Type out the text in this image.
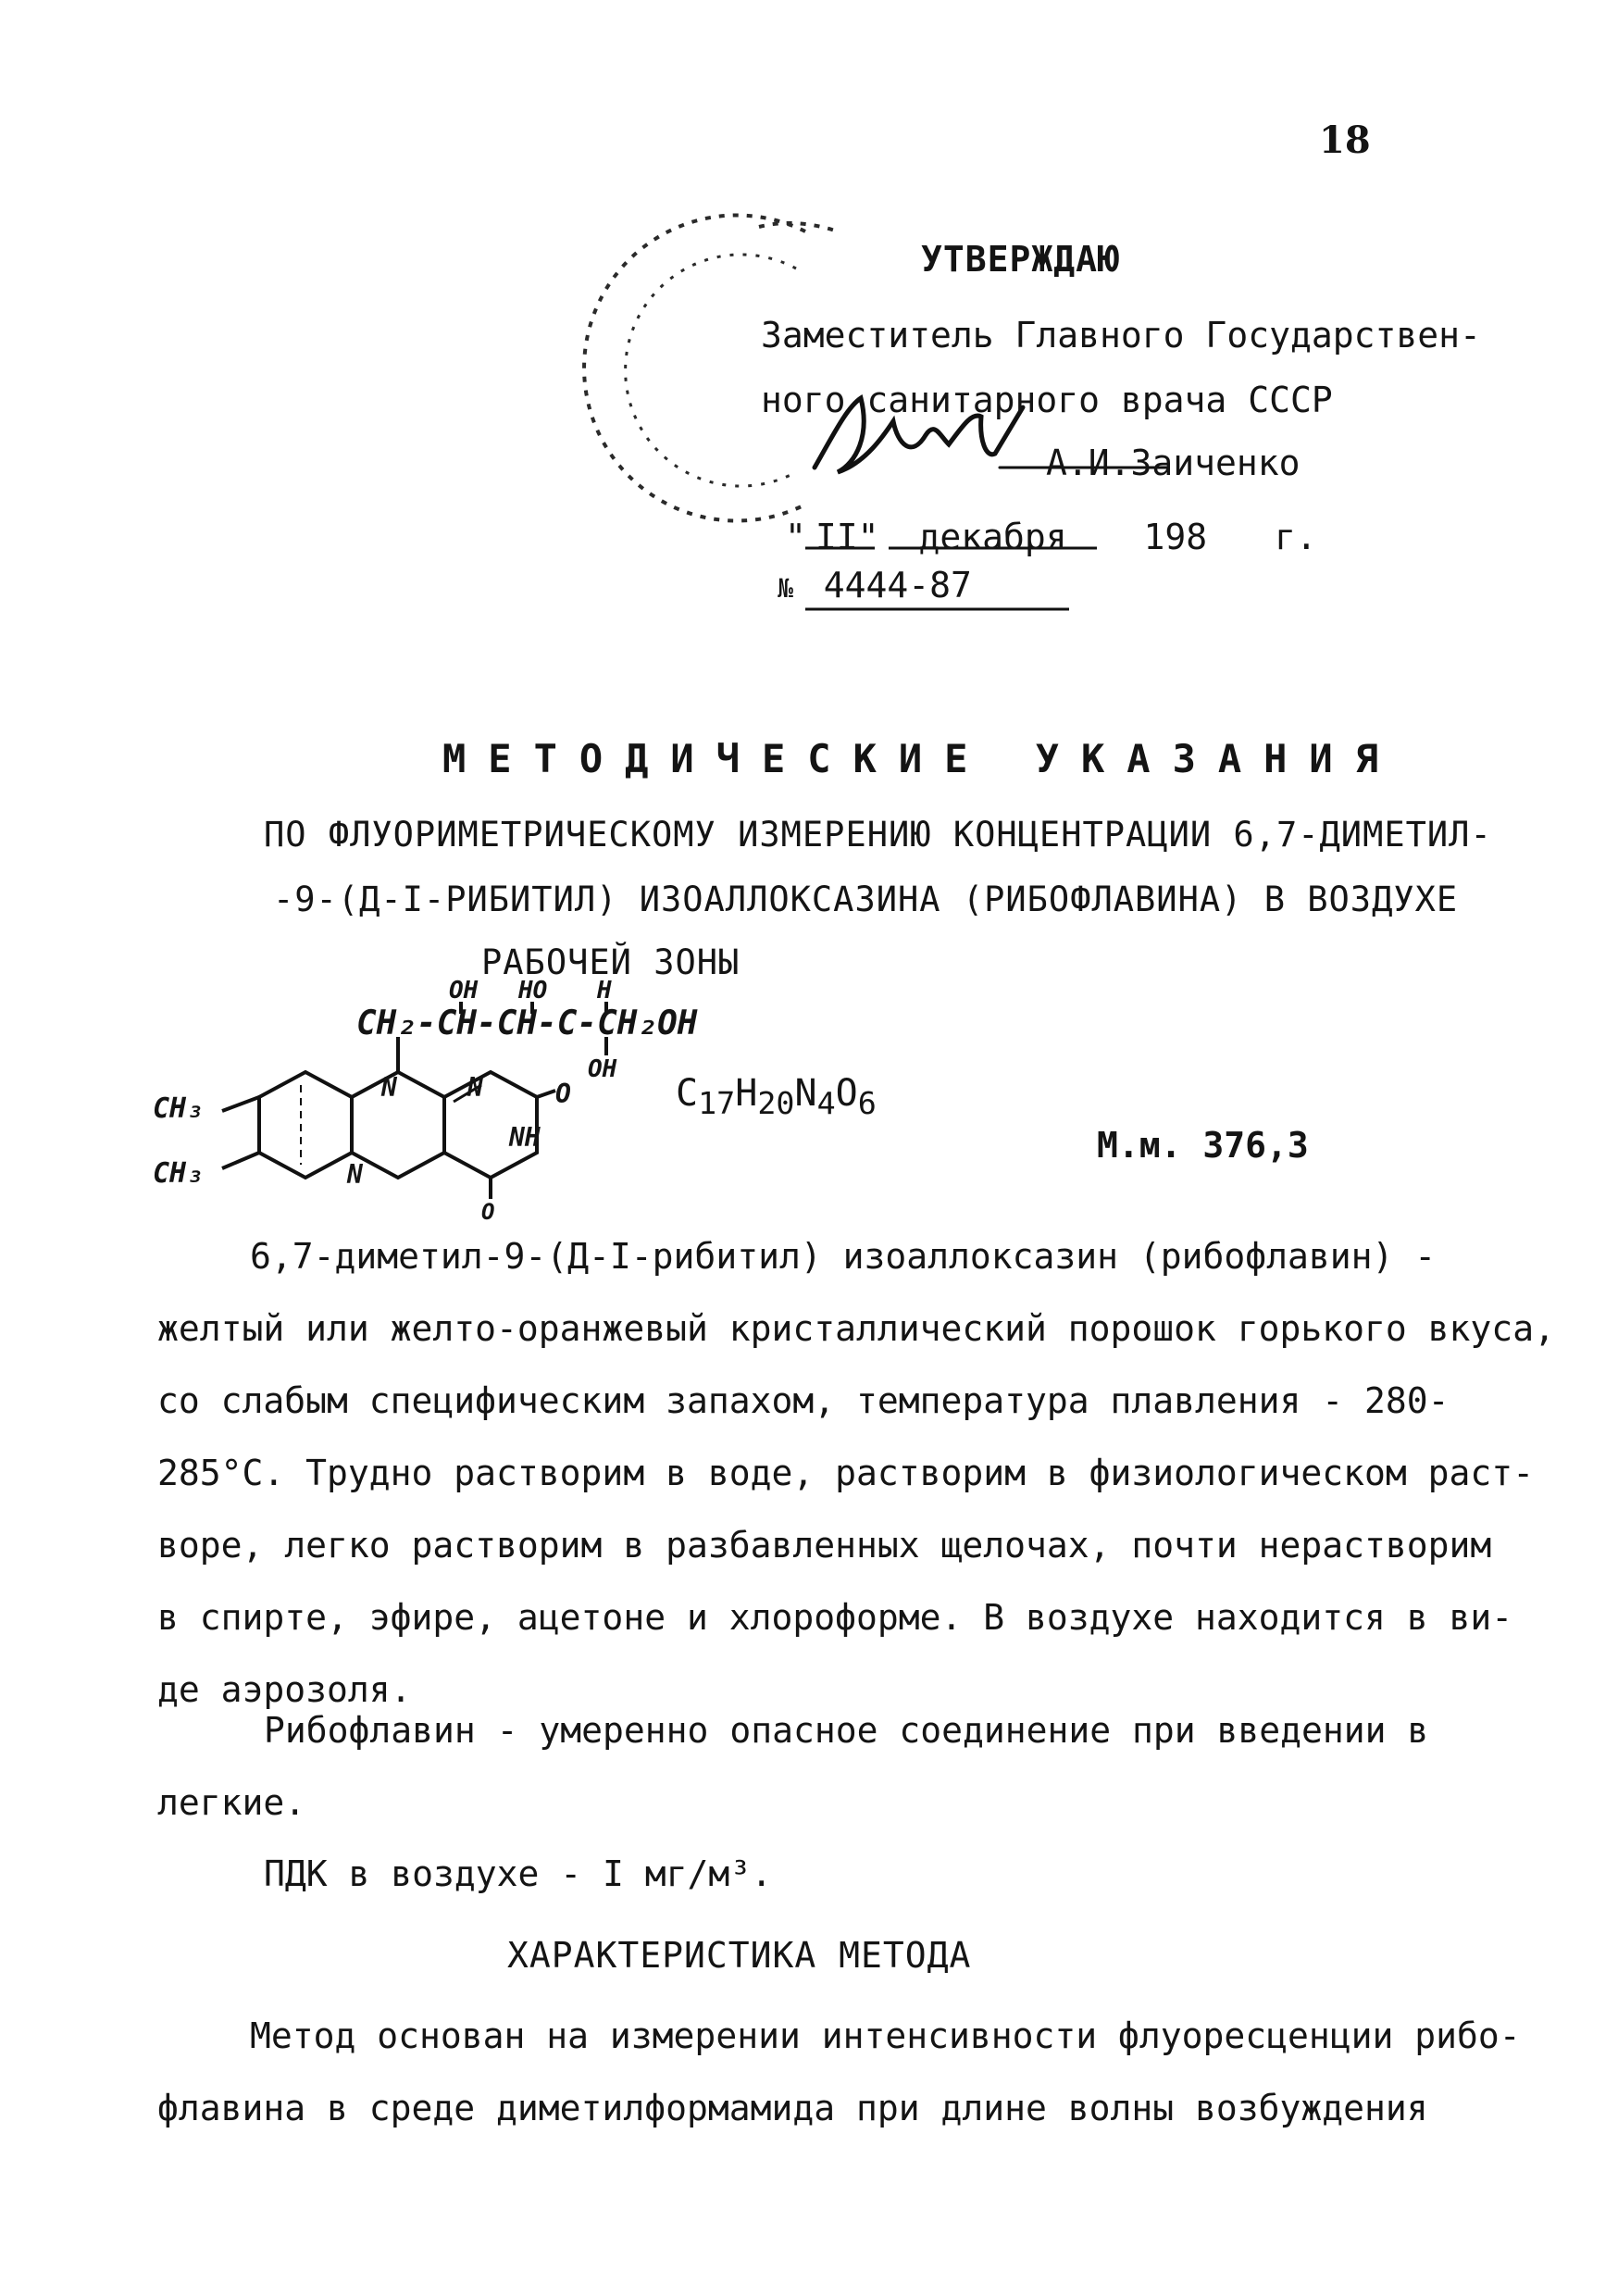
18
УТВЕРЖДАЮ
Заместитель Главного Государствен-
ного санитарного врача СССР
А.И.Заиченко
" II" декабря 198 г.
№ 4444-87
МЕТОДИЧЕСКИЕ УКАЗАНИЯ
ПО ФЛУОРИМЕТРИЧЕСКОМУ ИЗМЕРЕНИЮ КОНЦЕНТРАЦИИ 6,7-ДИМЕТИЛ-
-9-(Д-I-РИБИТИЛ) ИЗОАЛЛОКСАЗИНА (РИБОФЛАВИНА) В ВОЗДУХЕ
РАБОЧЕЙ ЗОНЫ
OH HO H
CH₂-CH-CH-C-CH₂OH
OH
CH₃
CH₃
N	N
N
O
NH
O
$C_{17}H_{20}N_4O_6$
М.м. 376,3
6,7-диметил-9-(Д-I-рибитил) изоаллоксазин (рибофлавин) -
желтый или желто-оранжевый кристаллический порошок горького вкуса,
со слабым специфическим запахом, температура плавления - 280-
285°С. Трудно растворим в воде, растворим в физиологическом раст-
воре, легко растворим в разбавленных щелочах, почти нерастворим
в спирте, эфире, ацетоне и хлороформе. В воздухе находится в ви-
де аэрозоля.
Рибофлавин - умеренно опасное соединение при введении в
легкие.
ПДК в воздухе - I мг/м³.
ХАРАКТЕРИСТИКА МЕТОДА
Метод основан на измерении интенсивности флуоресценции рибо-
флавина в среде диметилформамида при длине волны возбуждения
